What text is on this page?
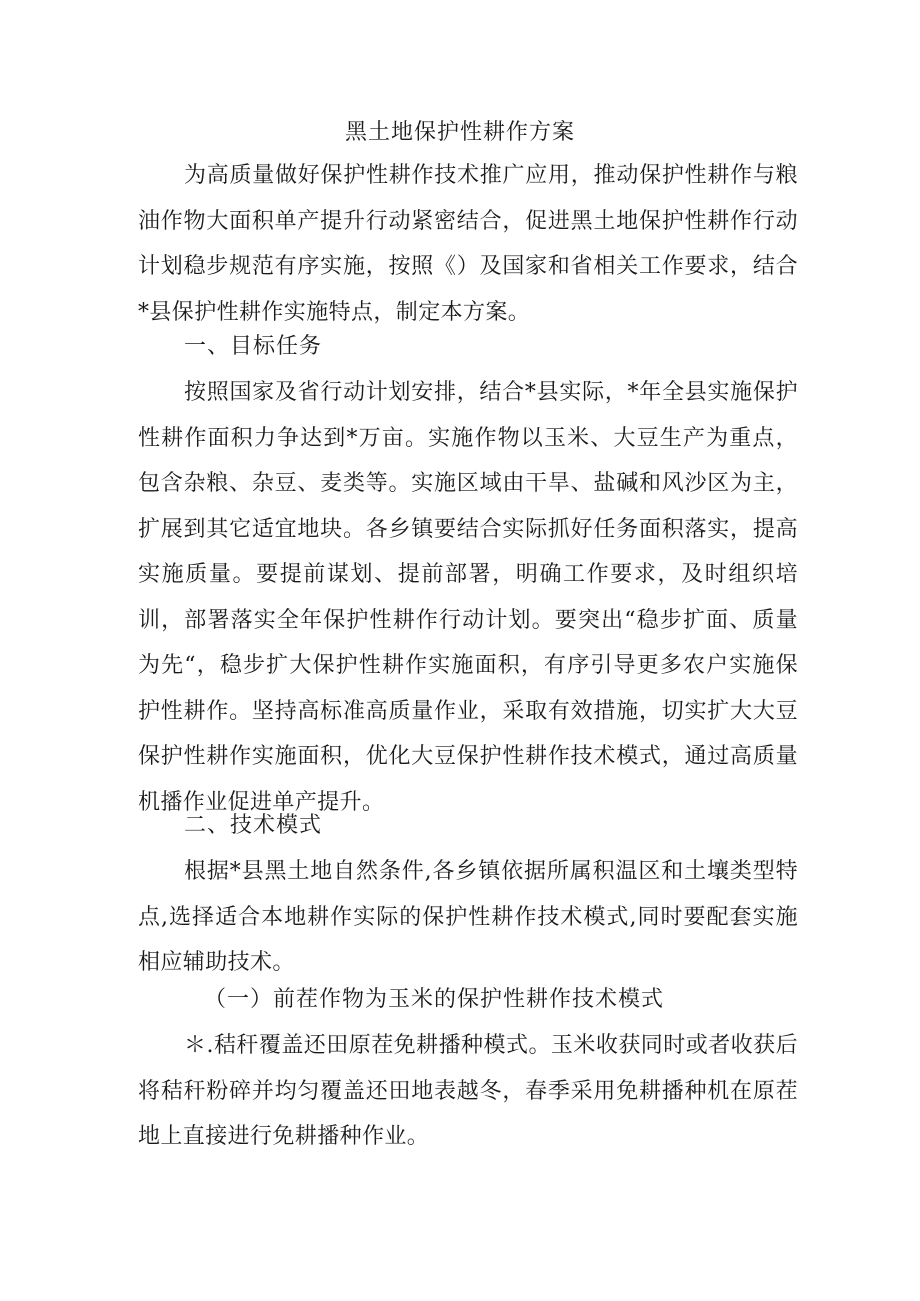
黑土地保护性耕作方案

为高质量做好保护性耕作技术推广应用，推动保护性耕作与粮油作物大面积单产提升行动紧密结合，促进黑土地保护性耕作行动计划稳步规范有序实施，按照《）及国家和省相关工作要求，结合*县保护性耕作实施特点，制定本方案。

一、目标任务

按照国家及省行动计划安排，结合*县实际，*年全县实施保护性耕作面积力争达到*万亩。实施作物以玉米、大豆生产为重点，包含杂粮、杂豆、麦类等。实施区域由干旱、盐碱和风沙区为主，扩展到其它适宜地块。各乡镇要结合实际抓好任务面积落实，提高实施质量。要提前谋划、提前部署，明确工作要求，及时组织培训，部署落实全年保护性耕作行动计划。要突出“稳步扩面、质量为先“，稳步扩大保护性耕作实施面积，有序引导更多农户实施保护性耕作。坚持高标准高质量作业，采取有效措施，切实扩大大豆保护性耕作实施面积，优化大豆保护性耕作技术模式，通过高质量机播作业促进单产提升。

二、技术模式

根据*县黑土地自然条件,各乡镇依据所属积温区和土壤类型特点,选择适合本地耕作实际的保护性耕作技术模式,同时要配套实施相应辅助技术。

（一）前茬作物为玉米的保护性耕作技术模式

＊.秸秆覆盖还田原茬免耕播种模式。玉米收获同时或者收获后将秸秆粉碎并均匀覆盖还田地表越冬，春季采用免耕播种机在原茬地上直接进行免耕播种作业。
